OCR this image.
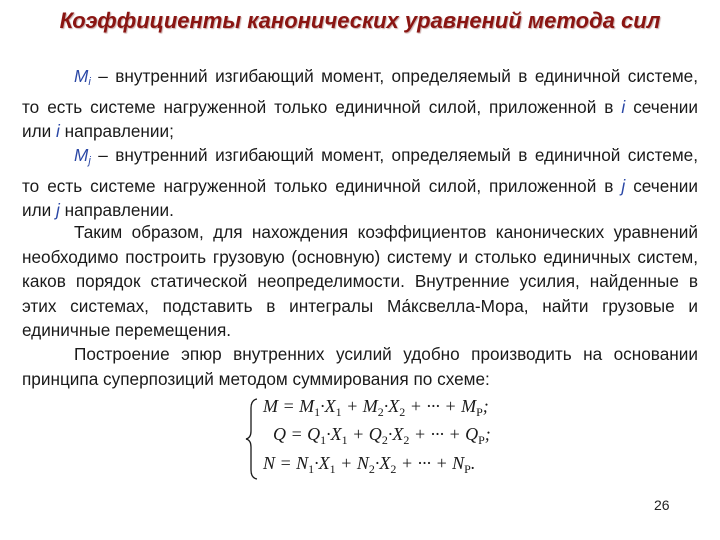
Коэффициенты канонических уравнений метода сил
$M_i$ – внутренний изгибающий момент, определяемый в единичной системе, то есть системе нагруженной только единичной силой, приложенной в i сечении или i направлении;
$M_j$ – внутренний изгибающий момент, определяемый в единичной системе, то есть системе нагруженной только единичной силой, приложенной в j сечении или j направлении.
Таким образом, для нахождения коэффициентов канонических уравнений необходимо построить грузовую (основную) систему и столько единичных систем, каков порядок статической неопределимости. Внутренние усилия, найденные в этих системах, подставить в интегралы Ма́ксвелла-Мора, найти грузовые и единичные перемещения.
Построение эпюр внутренних усилий удобно производить на основании принципа суперпозиций методом суммирования по схеме:
$M = M_1\cdot X_1 + M_2\cdot X_2$ + ··· + $M_P$;
$Q = Q_1\cdot X_1 + Q_2\cdot X_2$ + ··· + $Q_P$;
$N = N_1\cdot X_1 + N_2\cdot X_2$ + ··· + $N_P$.
26
